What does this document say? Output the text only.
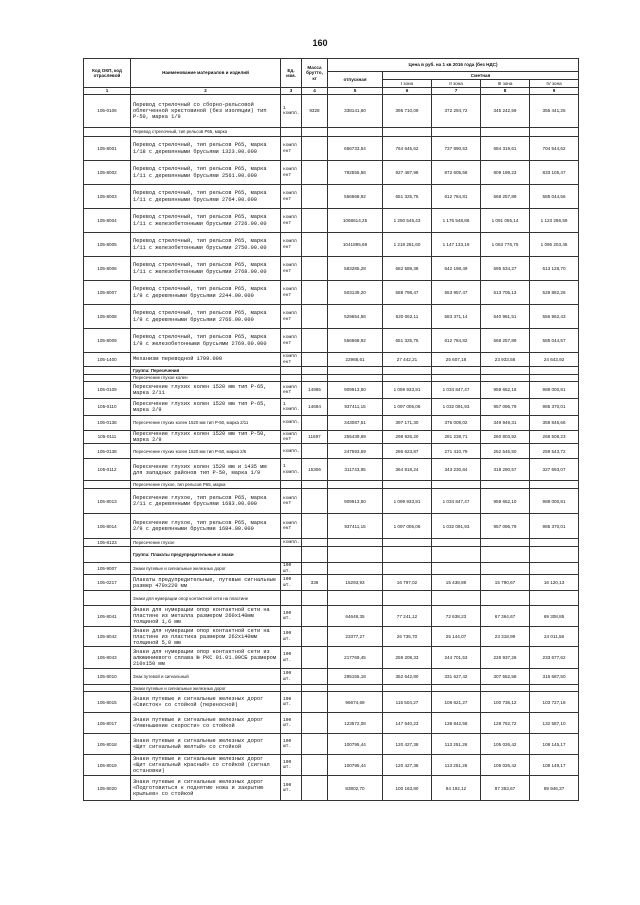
160
Код ОКП, код отраслевой	Наименование материалов и изделий	Ед. изм.	Масса брутто, кг	Цена в руб. на 1 кв 2016 года (без НДС)				
				отпускная	Сметная			
					I зона	II зона	III зона	IV зона
1	2	3	4	5	6	7	8	9
105-0106	Перевод стрелочный со сборно-рельсовой облегченной крестовиной (без изоляции) тип Р-50, марка 1/9	1 компл.	9328	338141,60	395 710,09	372 294,72	345 242,59	355 441,25
	Перевод стрелочный, тип рельсов Р65, марка							
105-8001	Перевод стрелочный, тип рельсов Р65, марка 1/18 с деревянными брусьями 1323.00.000	компл ект		656733,54	764 645,62	737 890,53	684 319,61	704 644,62
105-8002	Перевод стрелочный, тип рельсов Р65, марка 1/11 с деревянными брусьями 2561.00.000	компл ект		792555,56	927 487,98	872 605,58	809 199,23	833 105,47
105-8003	Перевод стрелочный, тип рельсов Р65, марка 1/11 с деревянными брусьями 2764.00.000	компл ект		556568,92	651 325,75	612 784,81	568 257,89	585 044,56
105-8004	Перевод стрелочный, тип рельсов Р65, марка 1/11 с железобетонными брусьями 2726.00.00	компл ект		1068614,25	1 250 545,43	1 176 548,86	1 091 055,14	1 123 286,59
105-8005	Перевод стрелочный, тип рельсов Р65, марка 1/11 с железобетонными брусьями 2750.00.00	компл ект		1041895,69	1 219 281,60	1 147 133,19	1 063 776,75	1 095 203,45
105-8006	Перевод стрелочный, тип рельсов Р65, марка 1/11 с железобетонными брусьями 2768.00.00	компл ект		583285,28	682 589,38	642 198,49	595 534,27	613 128,70
105-8007	Перевод стрелочный, тип рельсов Р65, марка 1/9 с деревянными брусьями 2244.00.000	компл ект		503139,20	588 798,47	553 957,47	513 705,13	528 882,26
105-8008	Перевод стрелочный, тип рельсов Р65, марка 1/9 с деревянными брусьями 2766.00.000	компл ект		529654,56	620 062,11	583 371,14	540 981,51	556 962,43
105-8009	Перевод стрелочный, тип рельсов Р65, марка 1/9 с железобетонными брусьями 2769.00.000	компл ект		556568,92	651 325,75	612 784,82	568 257,89	585 044,57
105-1400	Механизм переводной 1709.000	компл ект		22968,61	27 442,21	25 607,18	23 933,58	24 643,92
	Группа: Пересечения							
	Пересечение глухое колен							
105-0109	Пересечение глухих колен 1520 мм тип Р-65, марка 2/11	компл ект	14995	909913,50	1 059 933,91	1 034 847,47	959 652,16	988 000,81
105-0110	Пересечение глухих колен 1520 мм тип Р-65, марка 2/9	1 компл.	14694	937411,15	1 097 005,06	1 032 091,93	957 096,79	985 370,01
105-0136	Пересечение глухих колен 1520 мм тип Р-50, марка 2/11	компл.		343087,51	397 171,30	376 009,02	349 949,31	359 846,66
105-0111	Пересечение глухих колен 1520 мм тип Р-50, марка 2/9	компл ект	11697	255439,69	298 926,20	281 239,71	260 803,92	268 508,23
105-0138	Пересечение глухих колен 1520 мм тип Р-50, марка 2/6	компл.		247593,59	286 623,87	271 410,79	252 545,50	259 543,72
105-0112	Пересечение глухих колен 1520 мм и 1435 мм для западных районов тип Р-50, марка 1/9	1 компл.	15306	311743,85	364 818,24	343 230,84	318 290,57	327 693,07
	Пересечение глухое, тип рельсов Р65, марка							
105-8013	Пересечение глухое, тип рельсов Р65, марка 2/11 с деревянными брусьями 1683.00.000	компл ект		909913,50	1 099 933,91	1 034 847,47	959 652,10	988 000,81
105-8014	Пересечение глухое, тип рельсов Р65, марка 2/9 с деревянными брусьями 1684.00.000	компл ект		937411,15	1 097 005,06	1 032 091,93	957 096,79	985 370,01
105-8123	Пересечение глухое	компл.						
	Группа: Плакаты предупредительные и знаки							
105-9007	Знаки путевые и сигнальные железных дорог	100 шт.						
105-0217	Плакаты предупредительные, путевые сигнальные размер 470х220 мм	100 шт.	336	15293,93	16 797,02	15 438,89	15 790,67	16 120,13
	Знаки для нумерации опор контактной сети на пластине							
105-8041	Знаки для нумерации опор контактной сети на пластине из металла размером 260х140мм толщиной 1,6 мм	100 шт.		64648,35	77 241,12	72 638,23	67 364,67	69 308,85
105-8042	Знаки для нумерации опор контактной сети на пластине из пластика размером 262х140мм толщиной 5,0 мм	100 шт.		23377,27	26 735,70	25 144,07	23 318,99	24 011,58
105-8043	Знаки для нумерации опор контактной сети из алюминиевого сплава № РКС 01.01.00СБ размером 210х150 мм	100 шт.		217769,45	259 208,33	244 701,53	226 937,26	233 677,62
105-8010	Знак путевой и сигнальный	100 шт.		295155,18	352 642,80	331 627,42	307 552,58	316 687,50
	Знаки путевые и сигнальные железных дорог							
105-8015	Знаки путевые и сигнальные железных дорог «Свисток» со стойкой (переносной)	100 шт.		96674,69	115 504,27	108 621,27	100 736,12	103 727,18
105-8017	Знаки путевые и сигнальные железных дорог «Уменьшение скорости» со стойкой	100 шт.		123572,08	147 640,23	138 842,58	128 762,72	132 587,10
105-8018	Знаки путевые и сигнальные железных дорог «Щит сигнальный желтый» со стойкой	100 шт.		100795,44	120 427,38	113 251,26	105 026,42	108 145,17
105-8019	Знаки путевые и сигнальные железных дорог «Щит сигнальный красный» со стойкой (сигнал остановки)	100 шт.		100795,44	120 427,38	113 251,26	105 026,42	108 148,17
105-8020	Знаки путевые и сигнальные железных дорог «Подготовиться к поднятию ножа и закрытию крыльев» со стойкой	100 шт.		83802,70	100 163,80	94 192,12	87 353,67	89 946,37
